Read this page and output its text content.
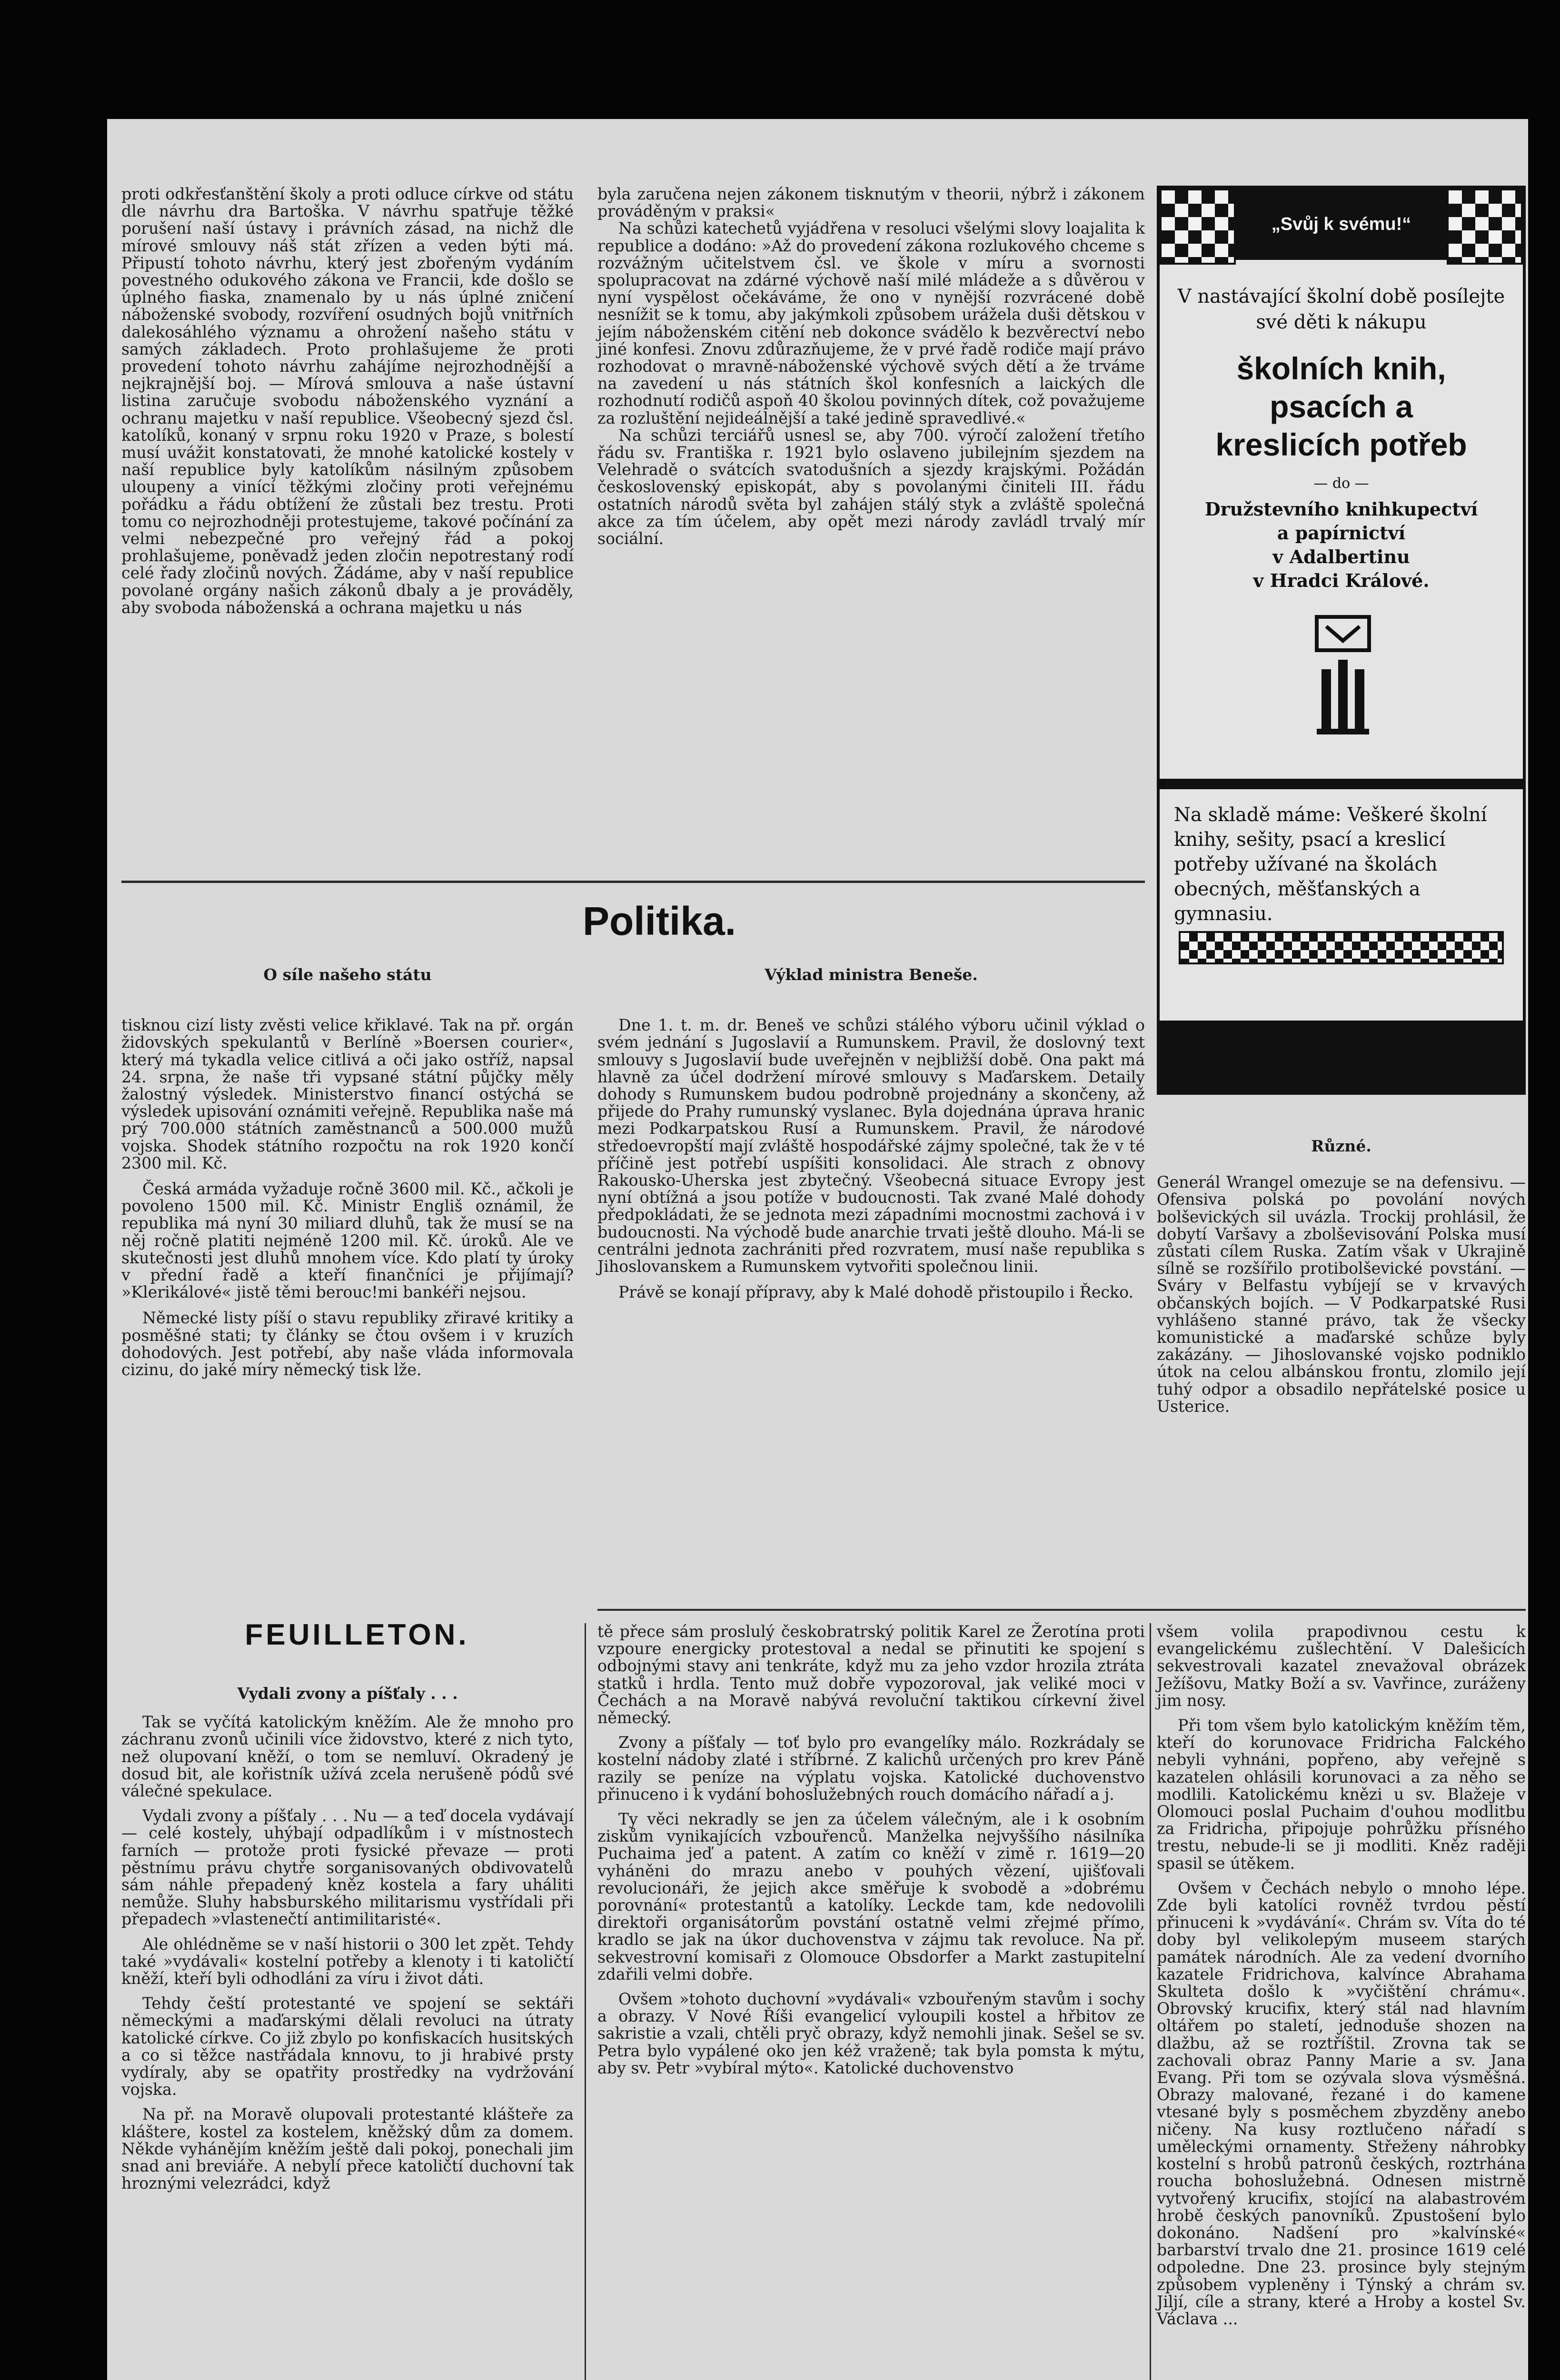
proti odkřesťanštění školy a proti odluce církve od státu dle návrhu dra Bartoška. V návrhu spatřuje těžké porušení naší ústavy i právních zásad, na nichž dle mírové smlouvy náš stát zřízen a veden býti má. Připustí tohoto návrhu, který jest zbořeným vydáním povestného odukového zákona ve Francii, kde došlo se úplného fiaska, znamenalo by u nás úplné zničení náboženské svobody, rozvíření osudných bojů vnitřních dalekosáhlého významu a ohrožení našeho státu v samých základech. Proto prohlašujeme že proti provedení tohoto návrhu zahájíme nejrozhodnější a nejkrajnější boj. — Mírová smlouva a naše ústavní listina zaručuje svobodu náboženského vyznání a ochranu majetku v naší republice. Všeobecný sjezd čsl. katolíků, konaný v srpnu roku 1920 v Praze, s bolestí musí uvážit konstatovati, že mnohé katolické kostely v naší republice byly katolíkům násilným způsobem uloupeny a vinící těžkými zločiny proti veřejnému pořádku a řádu obtížení že zůstali bez trestu. Proti tomu co nejrozhodněji protestujeme, takové počínání za velmi nebezpečné pro veřejný řád a pokoj prohlašujeme, poněvadž jeden zločin nepotrestaný rodí celé řady zločinů nových. Žádáme, aby v naší republice povolané orgány našich zákonů dbaly a je prováděly, aby svoboda náboženská a ochrana majetku u nás

byla zaručena nejen zákonem tisknutým v theorii, nýbrž i zákonem prováděným v praksi«

Na schůzi katechetů vyjádřena v resoluci všelými slovy loajalita k republice a dodáno: »Až do provedení zákona rozlukového chceme s rozvážným učitelstvem čsl. ve škole v míru a svornosti spolupracovat na zdárné výchově naší milé mládeže a s důvěrou v nyní vyspělost očekáváme, že ono v nynější rozvrácené době nesnížit se k tomu, aby jakýmkoli způsobem urážela duši dětskou v jejím náboženském citění neb dokonce svádělo k bezvěrectví nebo jiné konfesi. Znovu zdůrazňujeme, že v prvé řadě rodiče mají právo rozhodovat o mravně-náboženské výchově svých dětí a že trváme na zavedení u nás státních škol konfesních a laických dle rozhodnutí rodičů aspoň 40 školou povinných dítek, což považujeme za rozluštění nejideálnější a také jedině spravedlivé.«

Na schůzi terciářů usnesl se, aby 700. výročí založení třetího řádu sv. Františka r. 1921 bylo oslaveno jubilejním sjezdem na Velehradě o svátcích svatodušních a sjezdy krajskými. Požádán československý episkopát, aby s povolanými činiteli III. řádu ostatních národů světa byl zahájen stálý styk a zvláště společná akce za tím účelem, aby opět mezi národy zavládl trvalý mír sociální.

Politika.

O síle našeho státu

tisknou cizí listy zvěsti velice křiklavé. Tak na př. orgán židovských spekulantů v Berlíně »Boersen courier«, který má tykadla velice citlivá a oči jako ostříž, napsal 24. srpna, že naše tři vypsané státní půjčky měly žalostný výsledek. Ministerstvo financí ostýchá se výsledek upisování oznámiti veřejně. Republika naše má prý 700.000 státních zaměstnanců a 500.000 mužů vojska. Shodek státního rozpočtu na rok 1920 končí 2300 mil. Kč.

Česká armáda vyžaduje ročně 3600 mil. Kč., ačkoli je povoleno 1500 mil. Kč. Ministr Engliš oznámil, že republika má nyní 30 miliard dluhů, tak že musí se na něj ročně platiti nejméně 1200 mil. Kč. úroků. Ale ve skutečnosti jest dluhů mnohem více. Kdo platí ty úroky v přední řadě a kteří finančníci je přijímají? »Klerikálové« jistě těmi berouc!mi bankéři nejsou.

Německé listy píší o stavu republiky zřiravé kritiky a posměšné stati; ty články se čtou ovšem i v kruzích dohodových. Jest potřebí, aby naše vláda informovala cizinu, do jaké míry německý tisk lže.

Výklad ministra Beneše.

Dne 1. t. m. dr. Beneš ve schůzi stálého výboru učinil výklad o svém jednání s Jugoslavií a Rumunskem. Pravil, že doslovný text smlouvy s Jugoslavií bude uveřejněn v nejbližší době. Ona pakt má hlavně za účel dodržení mírové smlouvy s Maďarskem. Detaily dohody s Rumunskem budou podrobně projednány a skončeny, až přijede do Prahy rumunský vyslanec. Byla dojednána úprava hranic mezi Podkarpatskou Rusí a Rumunskem. Pravil, že národové středoevropští mají zvláště hospodářské zájmy společné, tak že v té příčině jest potřebí uspíšiti konsolidaci. Ale strach z obnovy Rakousko-Uherska jest zbytečný. Všeobecná situace Evropy jest nyní obtížná a jsou potíže v budoucnosti. Tak zvané Malé dohody předpokládati, že se jednota mezi západními mocnostmi zachová i v budoucnosti. Na východě bude anarchie trvati ještě dlouho. Má-li se centrálni jednota zachrániti před rozvratem, musí naše republika s Jihoslovanskem a Rumunskem vytvořiti společnou linii.

Právě se konají přípravy, aby k Malé dohodě přistoupilo i Řecko.

FEUILLETON.

Vydali zvony a píšťaly . . .

Tak se vyčítá katolickým kněžím. Ale že mnoho pro záchranu zvonů učinili více židovstvo, které z nich tyto, než olupovaní kněží, o tom se nemluví. Okradený je dosud bit, ale kořistník užívá zcela nerušeně pódů své válečné spekulace.

Vydali zvony a píšťaly . . . Nu — a teď docela vydávají — celé kostely, uhýbají odpadlíkům i v místnostech farních — protože proti fysické převaze — proti pěstnímu právu chytře sorganisovaných obdivovatelů sám náhle přepadený kněz kostela a fary uháliti nemůže. Sluhy habsburského militarismu vystřídali při přepadech »vlastenečtí antimilitaristé«.

Ale ohlédněme se v naší historii o 300 let zpět. Tehdy také »vydávali« kostelní potřeby a klenoty i ti katoličtí kněží, kteří byli odhodláni za víru i život dáti.

Tehdy čeští protestanté ve spojení se sektáři německými a maďarskými dělali revoluci na útraty katolické církve. Co již zbylo po konfiskacích husitských a co si těžce nastřádala knnovu, to ji hrabivé prsty vydíraly, aby se opatřity prostředky na vydržování vojska.

Na př. na Moravě olupovali protestanté klášteře za kláštere, kostel za kostelem, kněžský dům za domem. Někde vyhánějím kněžím ještě dali pokoj, ponechali jim snad ani breviáře. A nebylí přece katoličtí duchovní tak hroznými velezrádci, když

tě přece sám proslulý českobratrský politik Karel ze Žerotína proti vzpoure energicky protestoval a nedal se přinutiti ke spojení s odbojnými stavy ani tenkráte, když mu za jeho vzdor hrozila ztráta statků i hrdla. Tento muž dobře vypozoroval, jak veliké moci v Čechách a na Moravě nabývá revoluční taktikou církevní živel německý.

Zvony a píšťaly — toť bylo pro evangelíky málo. Rozkrádaly se kostelní nádoby zlaté i stříbrné. Z kalichů určených pro krev Páně razily se peníze na výplatu vojska. Katolické duchovenstvo přinuceno i k vydání bohoslužebných rouch domácího nářadí a j.

Ty věci nekradly se jen za účelem válečným, ale i k osobním ziskům vynikajících vzbouřenců. Manželka nejvyššího násilníka Puchaima jeď a patent. A zatím co kněží v zimě r. 1619—20 vyháněni do mrazu anebo v pouhých vězení, ujišťovali revolucionáři, že jejich akce směřuje k svobodě a »dobrému porovnání« protestantů a katolíky. Leckde tam, kde nedovolili direktoři organisátorům povstání ostatně velmi zřejmé přímo, kradlo se jak na úkor duchovenstva v zájmu tak revoluce. Na př. sekvestrovní komisaři z Olomouce Obsdorfer a Markt zastupitelní zdařili velmi dobře.

Ovšem »tohoto duchovní »vydávali« vzbouřeným stavům i sochy a obrazy. V Nové Říši evangelicí vyloupili kostel a hřbitov ze sakristie a vzali, chtěli pryč obrazy, když nemohli jinak. Sešel se sv. Petra bylo vypálené oko jen kéž vraženě; tak byla pomsta k mýtu, aby sv. Petr »vybíral mýto«. Katolické duchovenstvo

„Svůj k svému!“
V nastávající školní době posílejte své děti k nákupu
školních knih,
psacích a
kreslicích potřeb
— do —
Družstevního knihkupectví
a papírnictví
v Adalbertinu
v Hradci Králové.
Na skladě máme: Veškeré školní knihy, sešity, psací a kreslicí potřeby užívané na školách obecných, měšťanských a gymnasiu.

Různé.

Generál Wrangel omezuje se na defensivu. — Ofensiva polská po povolání nových bolševických sil uvázla. Trockij prohlásil, že dobytí Varšavy a zbolševisování Polska musí zůstati cílem Ruska. Zatím však v Ukrajině sílně se rozšířilo protibolševické povstání. — Sváry v Belfastu vybíjejí se v krvavých občanských bojích. — V Podkarpatské Rusi vyhlášeno stanné právo, tak že všecky komunistické a maďarské schůze byly zakázány. — Jihoslovanské vojsko podniklo útok na celou albánskou frontu, zlomilo její tuhý odpor a obsadilo nepřátelské posice u Usterice.

všem volila prapodivnou cestu k evangelickému zušlechtění. V Dalešicích sekvestrovali kazatel znevažoval obrázek Ježíšovu, Matky Boží a sv. Vavřince, zuráženy jim nosy.

Při tom všem bylo katolickým kněžím těm, kteří do korunovace Fridricha Falckého nebyli vyhnáni, popřeno, aby veřejně s kazatelen ohlásili korunovaci a za něho se modlili. Katolickému knězi u sv. Blažeje v Olomouci poslal Puchaim d'ouhou modlitbu za Fridricha, připojuje pohrůžku přísného trestu, nebude-li se ji modliti. Kněz raději spasil se útěkem.

Ovšem v Čechách nebylo o mnoho lépe. Zde byli katolíci rovněž tvrdou pěstí přinuceni k »vydávání«. Chrám sv. Víta do té doby byl velikolepým museem starých památek národních. Ale za vedení dvorního kazatele Fridrichova, kalvínce Abrahama Skulteta došlo k »vyčištění chrámu«. Obrovský krucifix, který stál nad hlavním oltářem po staletí, jednoduše shozen na dlažbu, až se roztříštil. Zrovna tak se zachovali obraz Panny Marie a sv. Jana Evang. Při tom se ozývala slova výsměšná. Obrazy malované, řezané i do kamene vtesané byly s posměchem zbyzděny anebo ničeny. Na kusy roztlučeno nářadí s uměleckými ornamenty. Střeženy náhrobky kostelní s hrobů patronů českých, roztrhána roucha bohoslužebná. Odnesen mistrně vytvořený krucifix, stojící na alabastrovém hrobě českých panovníků. Zpustošení bylo dokonáno. Nadšení pro »kalvínské« barbarství trvalo dne 21. prosince 1619 celé odpoledne. Dne 23. prosince byly stejným způsobem vypleněny i Týnský a chrám sv. Jiljí, cíle a strany, které a Hroby a kostel Sv. Václava ...
